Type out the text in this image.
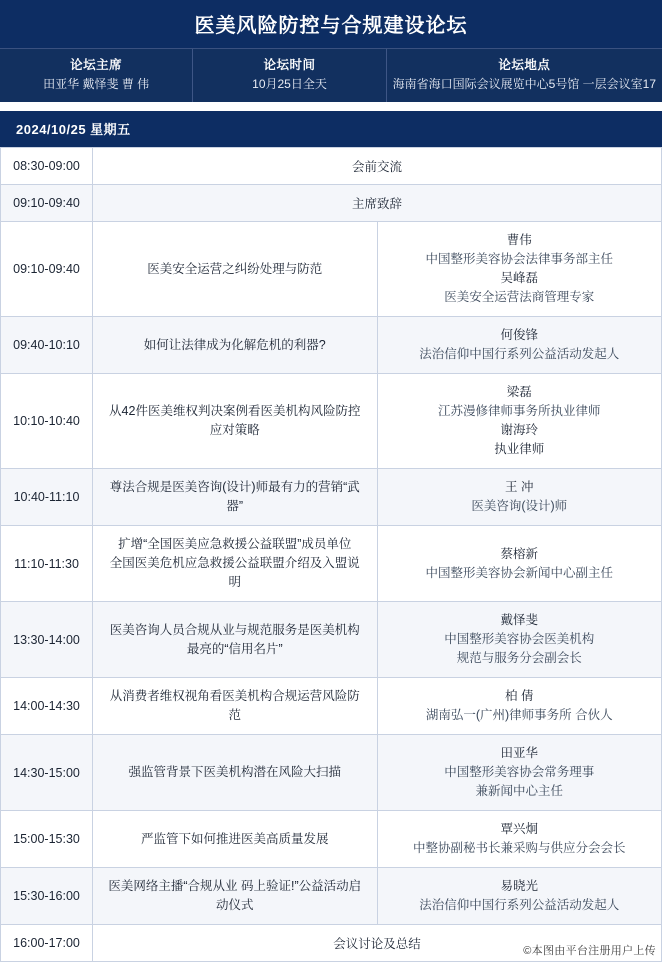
医美风险防控与合规建设论坛
论坛主席
田亚华 戴怿斐 曹 伟
论坛时间
10月25日全天
论坛地点
海南省海口国际会议展览中心5号馆 一层会议室17
2024/10/25 星期五
08:30-09:00	会前交流	
09:10-09:40	主席致辞	
09:10-09:40	医美安全运营之纠纷处理与防范	曹伟
中国整形美容协会法律事务部主任
吴峰磊
医美安全运营法商管理专家

09:40-10:10	如何让法律成为化解危机的利器?	何俊锋
法治信仰中国行系列公益活动发起人

10:10-10:40	从42件医美维权判决案例看医美机构风险防控应对策略	梁磊
江苏漫修律师事务所执业律师
谢海玲
执业律师

10:40-11:10	尊法合规是医美咨询(设计)师最有力的营销“武器”	王 冲
医美咨询(设计)师

11:10-11:30	扩增“全国医美应急救援公益联盟”成员单位
全国医美危机应急救援公益联盟介绍及入盟说明	蔡榕新
中国整形美容协会新闻中心副主任

13:30-14:00	医美咨询人员合规从业与规范服务是医美机构最亮的“信用名片”	戴怿斐
中国整形美容协会医美机构
规范与服务分会副会长

14:00-14:30	从消费者维权视角看医美机构合规运营风险防范	柏 倩
湖南弘一(广州)律师事务所 合伙人

14:30-15:00	强监管背景下医美机构潜在风险大扫描	田亚华
中国整形美容协会常务理事
兼新闻中心主任

15:00-15:30	严监管下如何推进医美高质量发展	覃兴炯
中整协副秘书长兼采购与供应分会会长

15:30-16:00	医美网络主播“合规从业 码上验证!”公益活动启动仪式	易晓光
法治信仰中国行系列公益活动发起人

16:00-17:00	会议讨论及总结		©本图由平台注册用户上传
